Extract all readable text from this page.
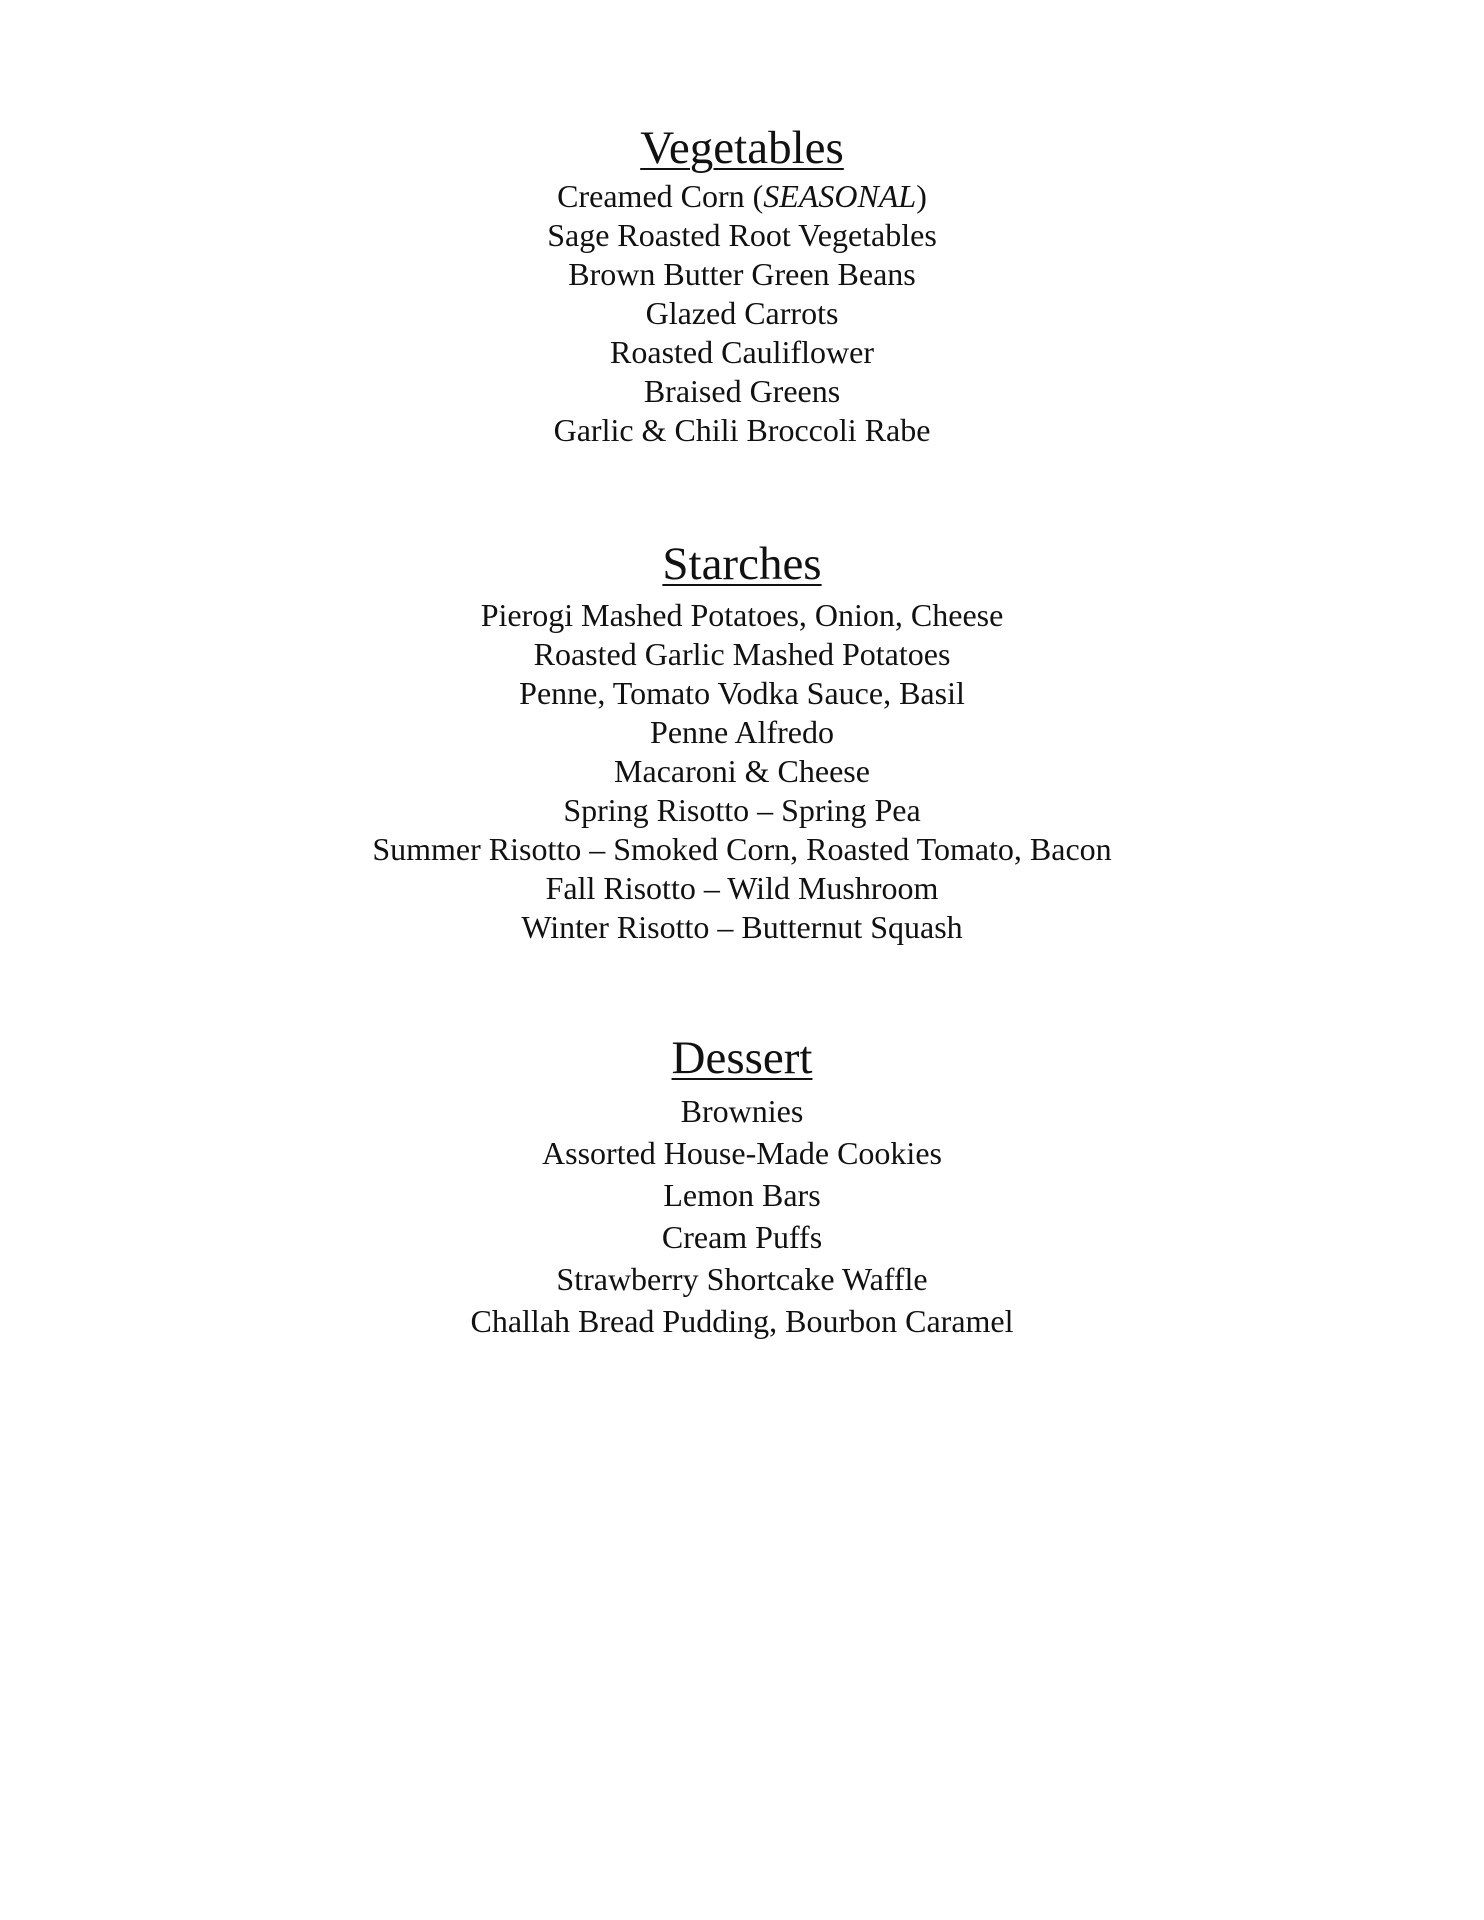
Vegetables
Creamed Corn (SEASONAL)
Sage Roasted Root Vegetables
Brown Butter Green Beans
Glazed Carrots
Roasted Cauliflower
Braised Greens
Garlic & Chili Broccoli Rabe
Starches
Pierogi Mashed Potatoes, Onion, Cheese
Roasted Garlic Mashed Potatoes
Penne, Tomato Vodka Sauce, Basil
Penne Alfredo
Macaroni & Cheese
Spring Risotto – Spring Pea
Summer Risotto – Smoked Corn, Roasted Tomato, Bacon
Fall Risotto – Wild Mushroom
Winter Risotto – Butternut Squash
Dessert
Brownies
Assorted House-Made Cookies
Lemon Bars
Cream Puffs
Strawberry Shortcake Waffle
Challah Bread Pudding, Bourbon Caramel
